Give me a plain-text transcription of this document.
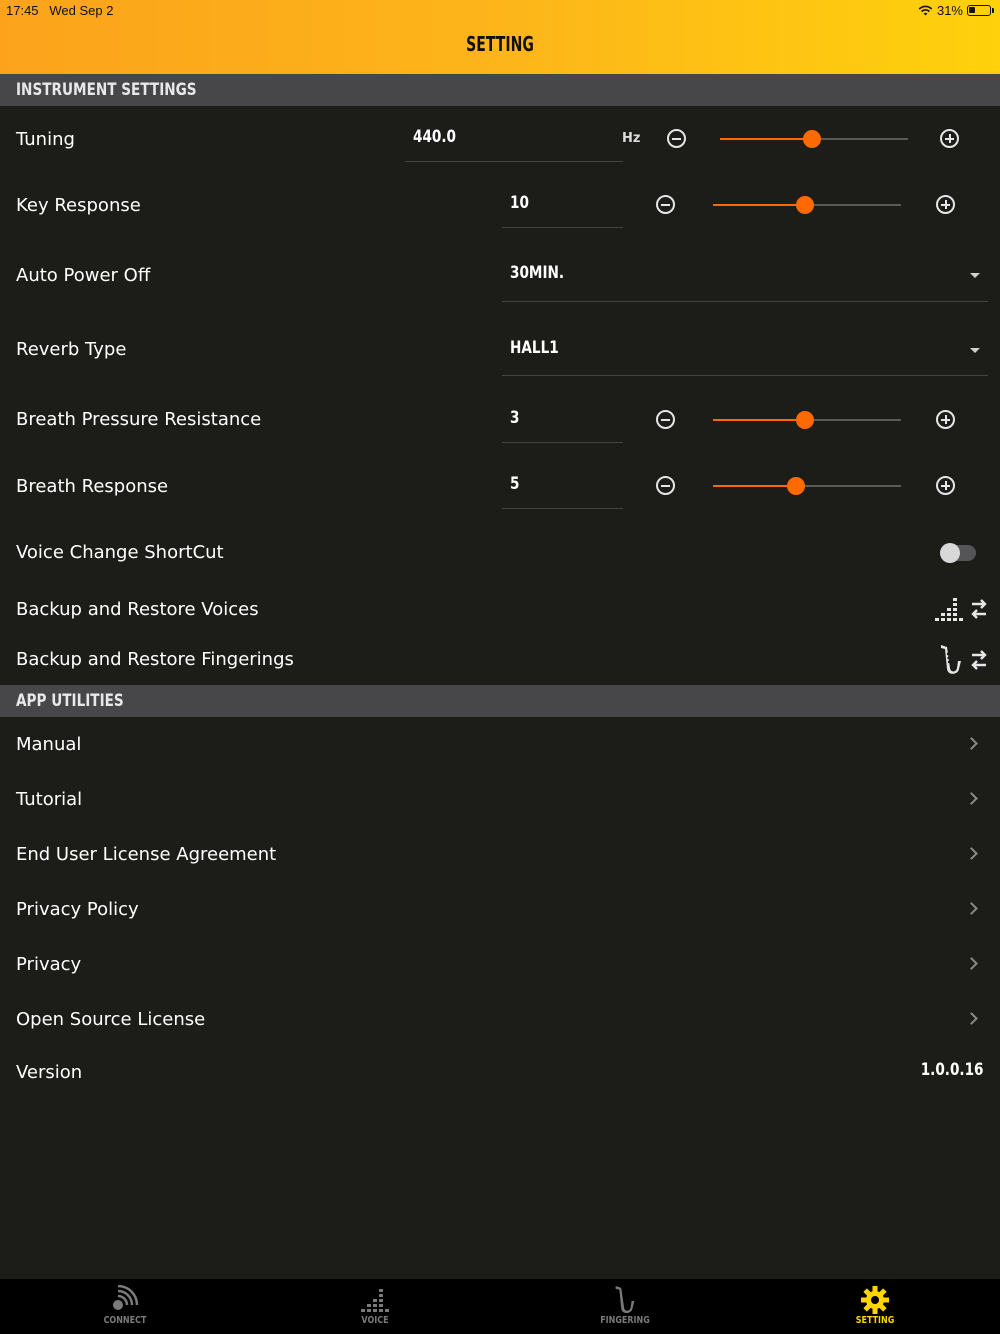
17:45 Wed Sep 2	31%
SETTING
INSTRUMENT SETTINGS
Tuning	440.0	Hz
Key Response	10
Auto Power Off	30MIN.
Reverb Type	HALL1
Breath Pressure Resistance	3
Breath Response	5
Voice Change ShortCut
Backup and Restore Voices
Backup and Restore Fingerings
APP UTILITIES
Manual
Tutorial
End User License Agreement
Privacy Policy
Privacy
Open Source License
Version	1.0.0.16
CONNECT	VOICE	FINGERING	SETTING
